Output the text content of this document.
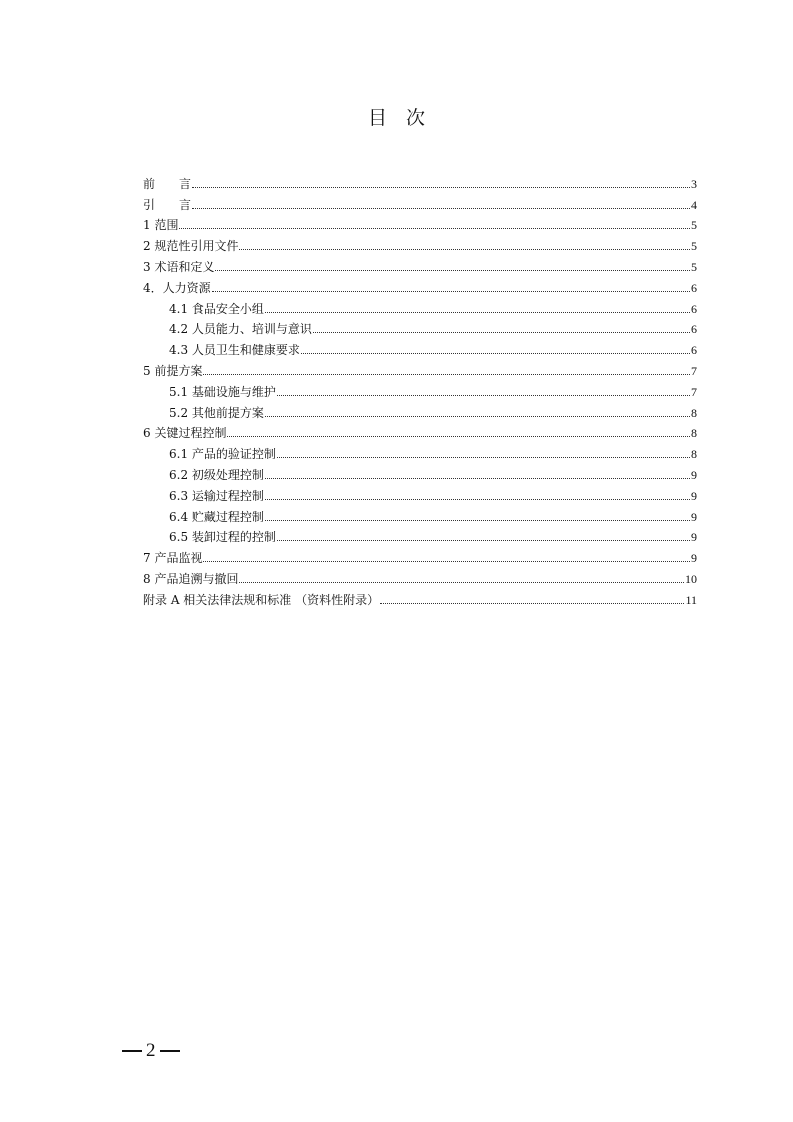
目　次
前　　言	3
引　　言	4
1 范围	5
2 规范性引用文件	5
3 术语和定义	5
4．人力资源	6
4.1 食品安全小组	6
4.2 人员能力、培训与意识	6
4.3 人员卫生和健康要求	6
5 前提方案	7
5.1 基础设施与维护	7
5.2 其他前提方案	8
6 关键过程控制	8
6.1 产品的验证控制	8
6.2 初级处理控制	9
6.3 运输过程控制	9
6.4 贮藏过程控制	9
6.5 装卸过程的控制	9
7 产品监视	9
8 产品追溯与撤回	10
附录 A 相关法律法规和标准 （资料性附录）	11
2
